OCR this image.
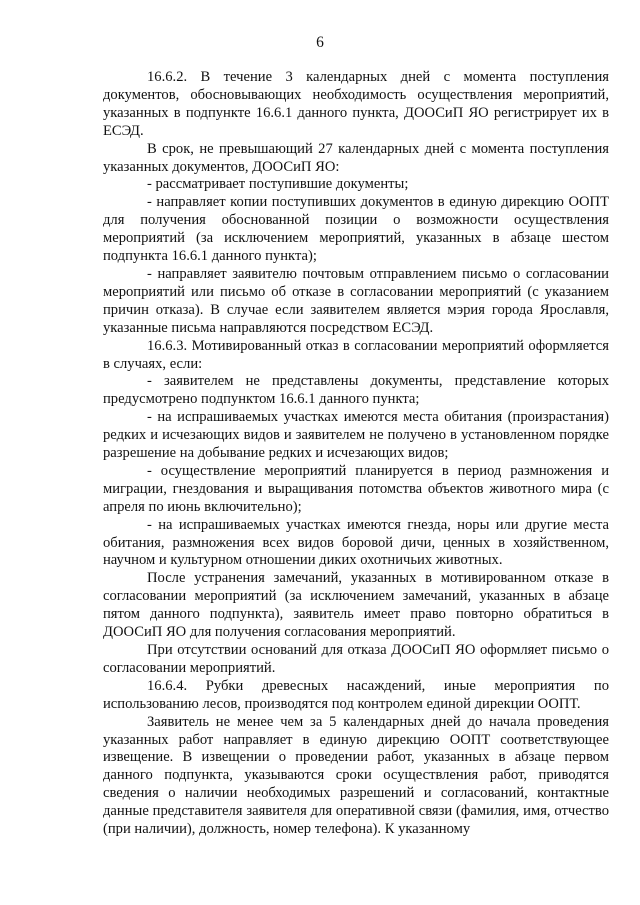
6

16.6.2. В течение 3 календарных дней с момента поступления документов, обосновывающих необходимость осуществления мероприятий, указанных в подпункте 16.6.1 данного пункта, ДООСиП ЯО регистрирует их в ЕСЭД.

В срок, не превышающий 27 календарных дней с момента поступления указанных документов, ДООСиП ЯО:

- рассматривает поступившие документы;

- направляет копии поступивших документов в единую дирекцию ООПТ для получения обоснованной позиции о возможности осуществления мероприятий (за исключением мероприятий, указанных в абзаце шестом подпункта 16.6.1 данного пункта);

- направляет заявителю почтовым отправлением письмо о согласовании мероприятий или письмо об отказе в согласовании мероприятий (с указанием причин отказа). В случае если заявителем является мэрия города Ярославля, указанные письма направляются посредством ЕСЭД.

16.6.3. Мотивированный отказ в согласовании мероприятий оформляется в случаях, если:

- заявителем не представлены документы, представление которых предусмотрено подпунктом 16.6.1 данного пункта;

- на испрашиваемых участках имеются места обитания (произрастания) редких и исчезающих видов и заявителем не получено в установленном порядке разрешение на добывание редких и исчезающих видов;

- осуществление мероприятий планируется в период размножения и миграции, гнездования и выращивания потомства объектов животного мира (с апреля по июнь включительно);

- на испрашиваемых участках имеются гнезда, норы или другие места обитания, размножения всех видов боровой дичи, ценных в хозяйственном, научном и культурном отношении диких охотничьих животных.

После устранения замечаний, указанных в мотивированном отказе в согласовании мероприятий (за исключением замечаний, указанных в абзаце пятом данного подпункта), заявитель имеет право повторно обратиться в ДООСиП ЯО для получения согласования мероприятий.

При отсутствии оснований для отказа ДООСиП ЯО оформляет письмо о согласовании мероприятий.

16.6.4. Рубки древесных насаждений, иные мероприятия по использованию лесов, производятся под контролем единой дирекции ООПТ.

Заявитель не менее чем за 5 календарных дней до начала проведения указанных работ направляет в единую дирекцию ООПТ соответствующее извещение. В извещении о проведении работ, указанных в абзаце первом данного подпункта, указываются сроки осуществления работ, приводятся сведения о наличии необходимых разрешений и согласований, контактные данные представителя заявителя для оперативной связи (фамилия, имя, отчество (при наличии), должность, номер телефона). К указанному
